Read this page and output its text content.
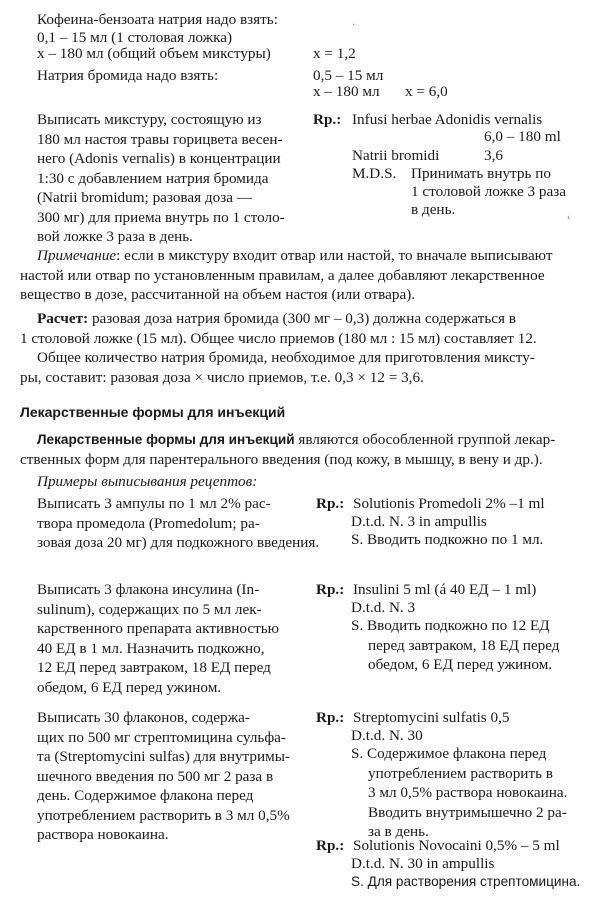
Кофеина-бензоата натрия надо взять:

0,1 – 15 мл (1 столовая ложка)

x – 180 мл (общий объем микстуры)	x = 1,2

Натрия бромида надо взять:	0,5 – 15 мл

x – 180 мл x = 6,0

Выписать микстуру, состоящую из
180 мл настоя травы горицвета весен-
него (Adonis vernalis) в концентрации
1:30 с добавлением натрия бромида
(Natrii bromidum; разовая доза —
300 мг) для приема внутрь по 1 столо-
вой ложке 3 раза в день.

Rp.: Infusi herbae Adonidis vernalis

6,0 – 180 ml

Natrii bromidi	3,6

M.D.S. Принимать внутрь по

1 столовой ложке 3 раза

в день.

Примечание: если в микстуру входит отвар или настой, то вначале выписывают
настой или отвар по установленным правилам, а далее добавляют лекарственное
вещество в дозе, рассчитанной на объем настоя (или отвара).
Расчет: разовая доза натрия бромида (300 мг – 0,3) должна содержаться в
1 столовой ложке (15 мл). Общее число приемов (180 мл : 15 мл) составляет 12.
Общее количество натрия бромида, необходимое для приготовления миксту-
ры, составит: разовая доза × число приемов, т.е. 0,3 × 12 = 3,6.

Лекарственные формы для инъекций

Лекарственные формы для инъекций являются обособленной группой лекар-
ственных форм для парентерального введения (под кожу, в мышцу, в вену и др.).

Примеры выписывания рецептов:

Выписать 3 ампулы по 1 мл 2% рас-
твора промедола (Promedolum; ра-
зовая доза 20 мг) для подкожного введения.

Rp.: Solutionis Promedoli 2% –1 ml

D.t.d. N. 3 in ampullis

S. Вводить подкожно по 1 мл.

Выписать 3 флакона инсулина (In-
sulinum), содержащих по 5 мл лек-
карственного препарата активностью
40 ЕД в 1 мл. Назначить подкожно,
12 ЕД перед завтраком, 18 ЕД перед
обедом, 6 ЕД перед ужином.

Rp.: Insulini 5 ml (á 40 ЕД – 1 ml)

D.t.d. N. 3

S. Вводить подкожно по 12 ЕД
перед завтраком, 18 ЕД перед
обедом, 6 ЕД перед ужином.
Выписать 30 флаконов, содержа-
щих по 500 мг стрептомицина сульфа-
та (Streptomycini sulfas) для внутримы-
шечного введения по 500 мг 2 раза в
день. Содержимое флакона перед
употреблением растворить в 3 мл 0,5%
раствора новокаина.

Rp.: Streptomycini sulfatis 0,5

D.t.d. N. 30

S. Содержимое флакона перед
употреблением растворить в
3 мл 0,5% раствора новокаина.
Вводить внутримышечно 2 ра-
за в день.

Rp.: Solutionis Novocaini 0,5% – 5 ml

D.t.d. N. 30 in ampullis

S. Для растворения стрептомицина.

·
‹
